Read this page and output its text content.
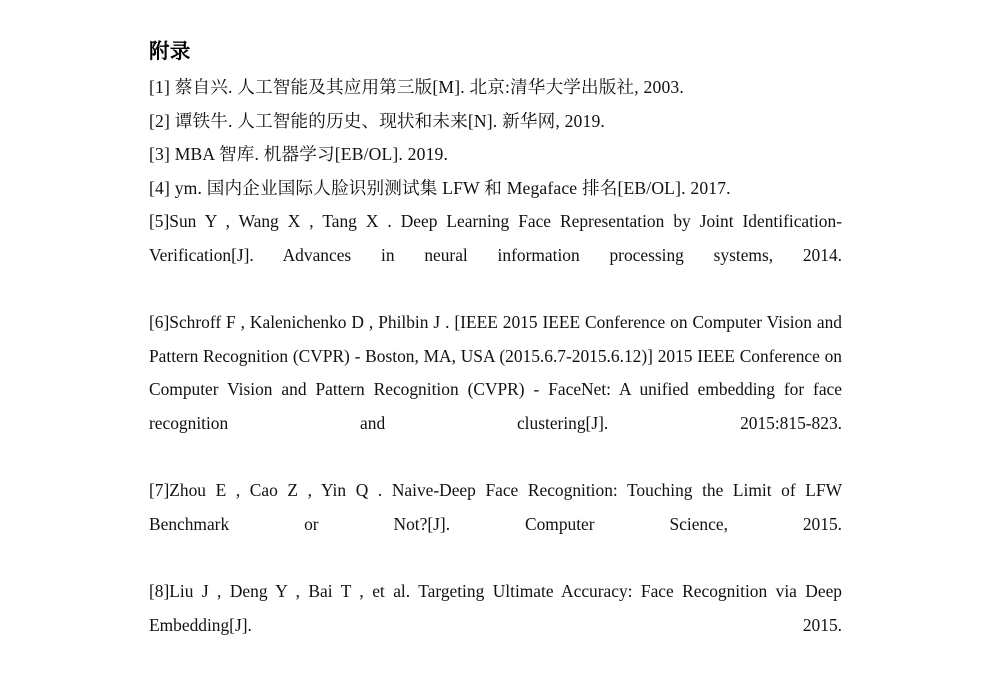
附录
[1] 蔡自兴. 人工智能及其应用第三版[M]. 北京:清华大学出版社, 2003.
[2] 谭铁牛. 人工智能的历史、现状和未来[N]. 新华网, 2019.
[3] MBA 智库. 机器学习[EB/OL]. 2019.
[4] ym. 国内企业国际人脸识别测试集 LFW 和 Megaface 排名[EB/OL]. 2017.
[5]Sun Y , Wang X , Tang X . Deep Learning Face Representation by Joint Identification-Verification[J]. Advances in neural information processing systems, 2014.
[6]Schroff F , Kalenichenko D , Philbin J . [IEEE 2015 IEEE Conference on Computer Vision and Pattern Recognition (CVPR) - Boston, MA, USA (2015.6.7-2015.6.12)] 2015 IEEE Conference on Computer Vision and Pattern Recognition (CVPR) - FaceNet: A unified embedding for face recognition and clustering[J]. 2015:815-823.
[7]Zhou E , Cao Z , Yin Q . Naive-Deep Face Recognition: Touching the Limit of LFW Benchmark or Not?[J]. Computer Science, 2015.
[8]Liu J , Deng Y , Bai T , et al. Targeting Ultimate Accuracy: Face Recognition via Deep Embedding[J]. 2015.
